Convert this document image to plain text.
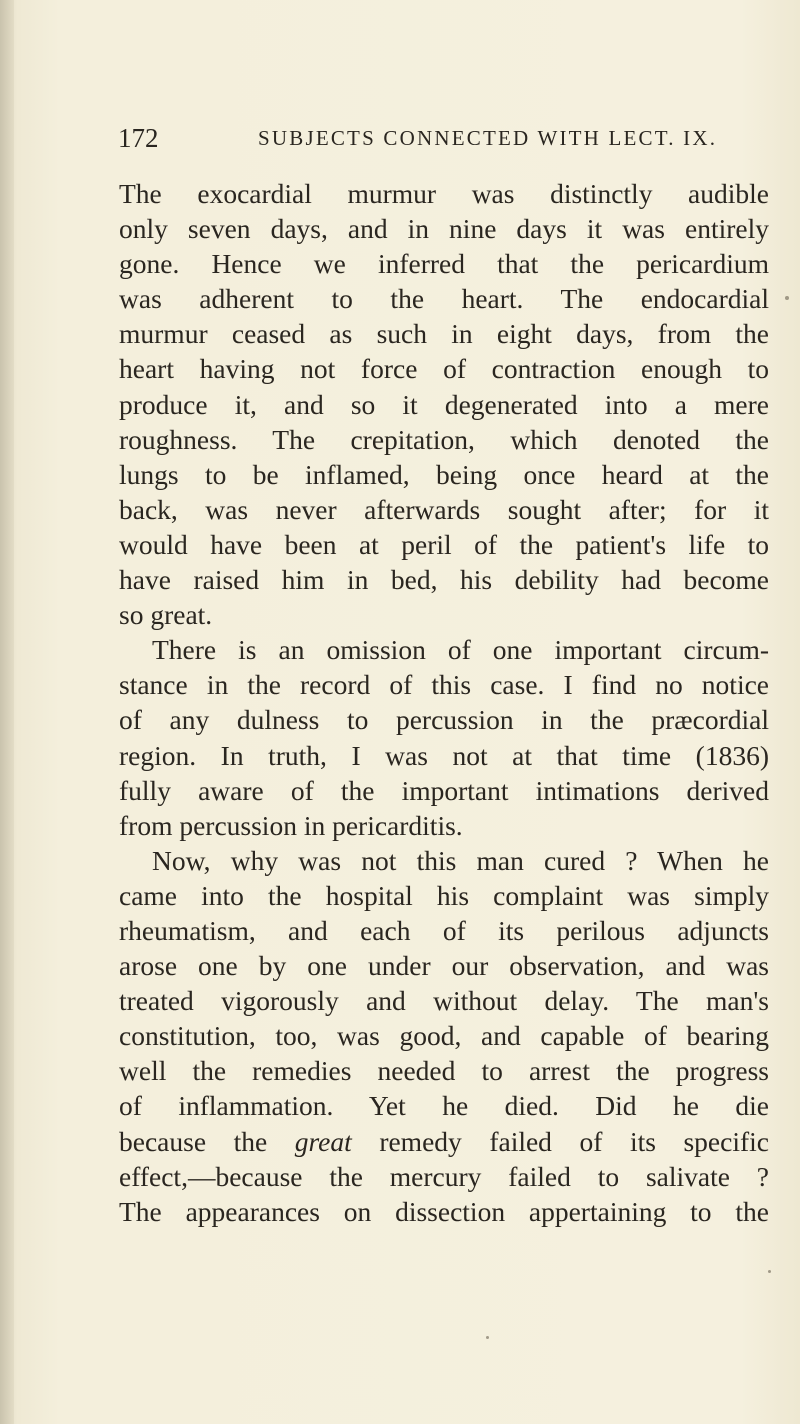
172	SUBJECTS CONNECTED WITH LECT. IX.
The exocardial murmur was distinctly audible
only seven days, and in nine days it was entirely
gone. Hence we inferred that the pericardium
was adherent to the heart. The endocardial
murmur ceased as such in eight days, from the
heart having not force of contraction enough to
produce it, and so it degenerated into a mere
roughness. The crepitation, which denoted the
lungs to be inflamed, being once heard at the
back, was never afterwards sought after; for it
would have been at peril of the patient's life to
have raised him in bed, his debility had become
so great.
There is an omission of one important circum-
stance in the record of this case. I find no notice
of any dulness to percussion in the præcordial
region. In truth, I was not at that time (1836)
fully aware of the important intimations derived
from percussion in pericarditis.
Now, why was not this man cured ? When he
came into the hospital his complaint was simply
rheumatism, and each of its perilous adjuncts
arose one by one under our observation, and was
treated vigorously and without delay. The man's
constitution, too, was good, and capable of bearing
well the remedies needed to arrest the progress
of inflammation. Yet he died. Did he die
because the great remedy failed of its specific
effect,—because the mercury failed to salivate ?
The appearances on dissection appertaining to the
